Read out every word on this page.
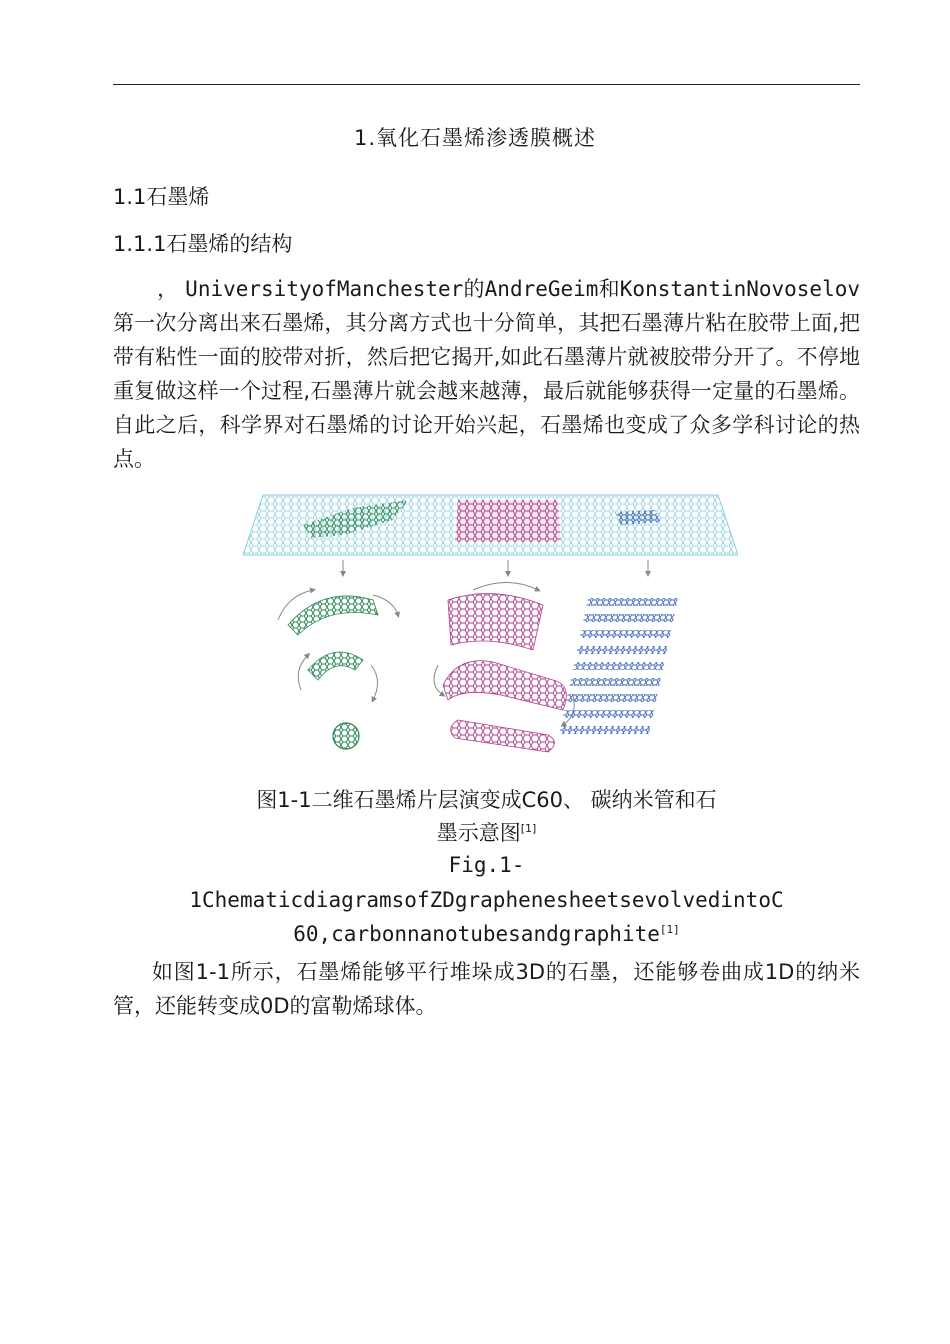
1.氧化石墨烯渗透膜概述
1.1石墨烯
1.1.1石墨烯的结构
， UniversityofManchester的AndreGeim和KonstantinNovoselov第一次分离出来石墨烯，其分离方式也十分简单，其把石墨薄片粘在胶带上面,把带有粘性一面的胶带对折，然后把它揭开,如此石墨薄片就被胶带分开了。不停地重复做这样一个过程,石墨薄片就会越来越薄，最后就能够获得一定量的石墨烯。自此之后，科学界对石墨烯的讨论开始兴起，石墨烯也变成了众多学科讨论的热点。
图1-1二维石墨烯片层演变成C60、 碳纳米管和石
墨示意图[1]
Fig.1-
1ChematicdiagramsofZDgraphenesheetsevolvedintoC
60,carbonnanotubesandgraphite[1]
如图1-1所示，石墨烯能够平行堆垛成3D的石墨，还能够卷曲成1D的纳米管，还能转变成0D的富勒烯球体。
